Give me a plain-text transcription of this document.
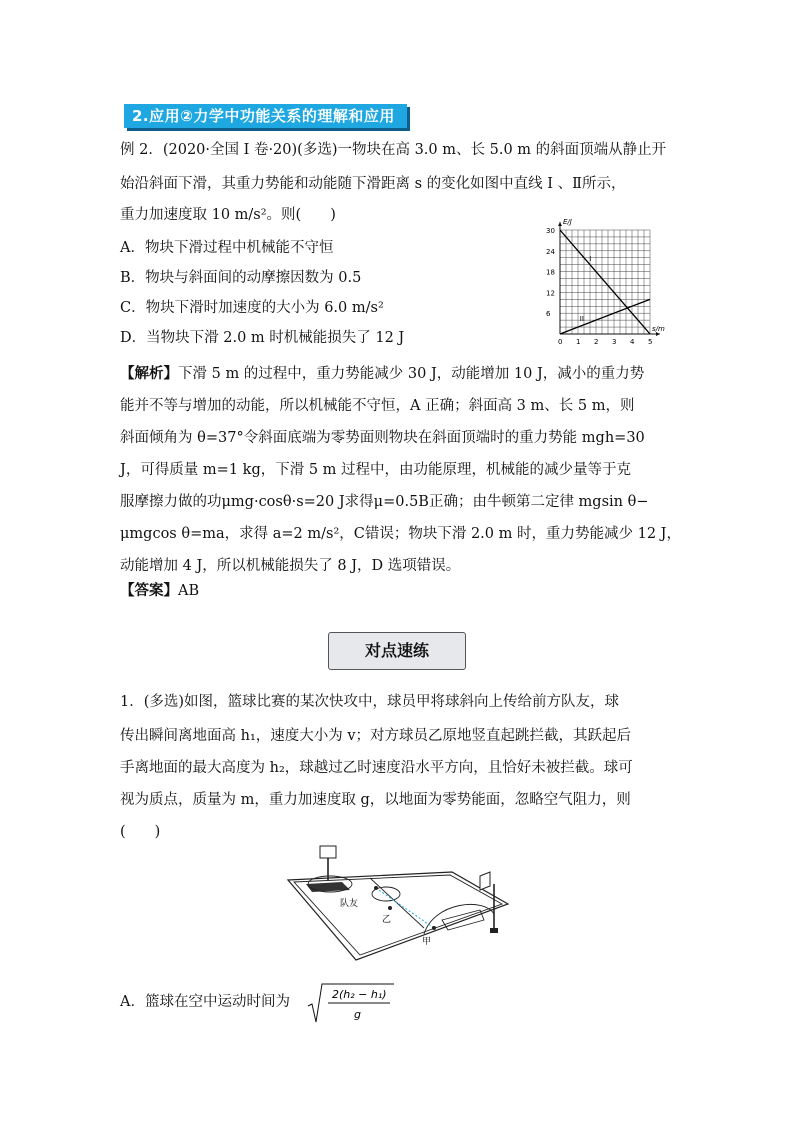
2.应用②力学中功能关系的理解和应用
例 2．(2020·全国 I 卷·20)(多选)一物块在高 3.0 m、长 5.0 m 的斜面顶端从静止开
始沿斜面下滑，其重力势能和动能随下滑距离 s 的变化如图中直线 Ⅰ 、Ⅱ所示，
重力加速度取 10 m/s²。则(　　)
A．物块下滑过程中机械能不守恒
B．物块与斜面间的动摩擦因数为 0.5
C．物块下滑时加速度的大小为 6.0 m/s²
D．当物块下滑 2.0 m 时机械能损失了 12 J	0 1 2 3 4 5
6
12
18
24
30
s/m
E/J
I
II
【解析】下滑 5 m 的过程中，重力势能减少 30 J，动能增加 10 J，减小的重力势
能并不等与增加的动能，所以机械能不守恒，A 正确；斜面高 3 m、长 5 m，则
斜面倾角为 θ=37°令斜面底端为零势面则物块在斜面顶端时的重力势能 mgh=30
J，可得质量 m=1 kg，下滑 5 m 过程中，由功能原理，机械能的减少量等于克
服摩擦力做的功μmg·cosθ·s=20 J求得μ=0.5B正确；由牛顿第二定律 mgsin θ−
μmgcos θ=ma，求得 a=2 m/s²，C错误；物块下滑 2.0 m 时，重力势能减少 12 J，
动能增加 4 J，所以机械能损失了 8 J，D 选项错误。
【答案】AB
对点速练
1．(多选)如图，篮球比赛的某次快攻中，球员甲将球斜向上传给前方队友，球
传出瞬间离地面高 h₁，速度大小为 v；对方球员乙原地竖直起跳拦截，其跃起后
手离地面的最大高度为 h₂，球越过乙时速度沿水平方向，且恰好未被拦截。球可
视为质点，质量为 m，重力加速度取 g，以地面为零势能面，忽略空气阻力，则
(　　)
队友
乙
甲
A．篮球在空中运动时间为	2(h₂ − h₁)
g
